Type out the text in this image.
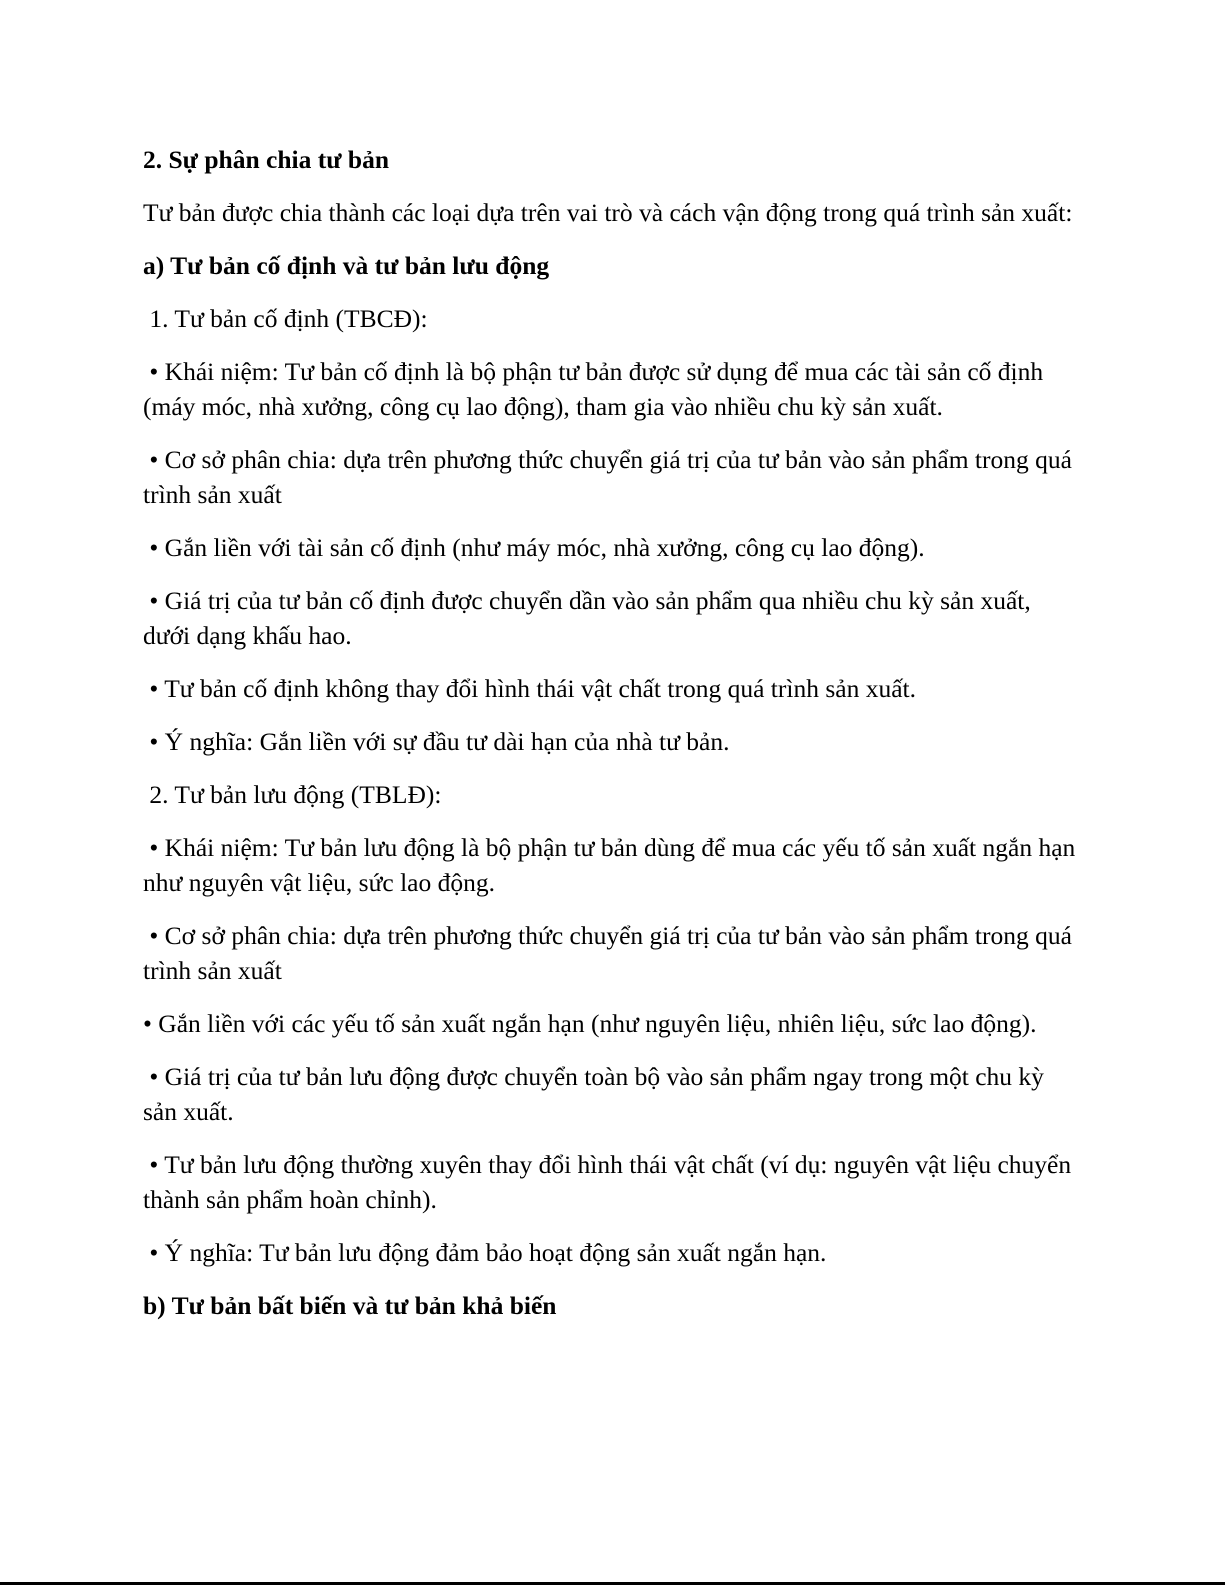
2. Sự phân chia tư bản

Tư bản được chia thành các loại dựa trên vai trò và cách vận động trong quá trình sản xuất:

a) Tư bản cố định và tư bản lưu động

1. Tư bản cố định (TBCĐ):

• Khái niệm: Tư bản cố định là bộ phận tư bản được sử dụng để mua các tài sản cố định (máy móc, nhà xưởng, công cụ lao động), tham gia vào nhiều chu kỳ sản xuất.

• Cơ sở phân chia: dựa trên phương thức chuyển giá trị của tư bản vào sản phẩm trong quá trình sản xuất

• Gắn liền với tài sản cố định (như máy móc, nhà xưởng, công cụ lao động).

• Giá trị của tư bản cố định được chuyển dần vào sản phẩm qua nhiều chu kỳ sản xuất, dưới dạng khấu hao.

• Tư bản cố định không thay đổi hình thái vật chất trong quá trình sản xuất.

• Ý nghĩa: Gắn liền với sự đầu tư dài hạn của nhà tư bản.

2. Tư bản lưu động (TBLĐ):

• Khái niệm: Tư bản lưu động là bộ phận tư bản dùng để mua các yếu tố sản xuất ngắn hạn như nguyên vật liệu, sức lao động.

• Cơ sở phân chia: dựa trên phương thức chuyển giá trị của tư bản vào sản phẩm trong quá trình sản xuất

• Gắn liền với các yếu tố sản xuất ngắn hạn (như nguyên liệu, nhiên liệu, sức lao động).

• Giá trị của tư bản lưu động được chuyển toàn bộ vào sản phẩm ngay trong một chu kỳ sản xuất.

• Tư bản lưu động thường xuyên thay đổi hình thái vật chất (ví dụ: nguyên vật liệu chuyển thành sản phẩm hoàn chỉnh).

• Ý nghĩa: Tư bản lưu động đảm bảo hoạt động sản xuất ngắn hạn.

b) Tư bản bất biến và tư bản khả biến
